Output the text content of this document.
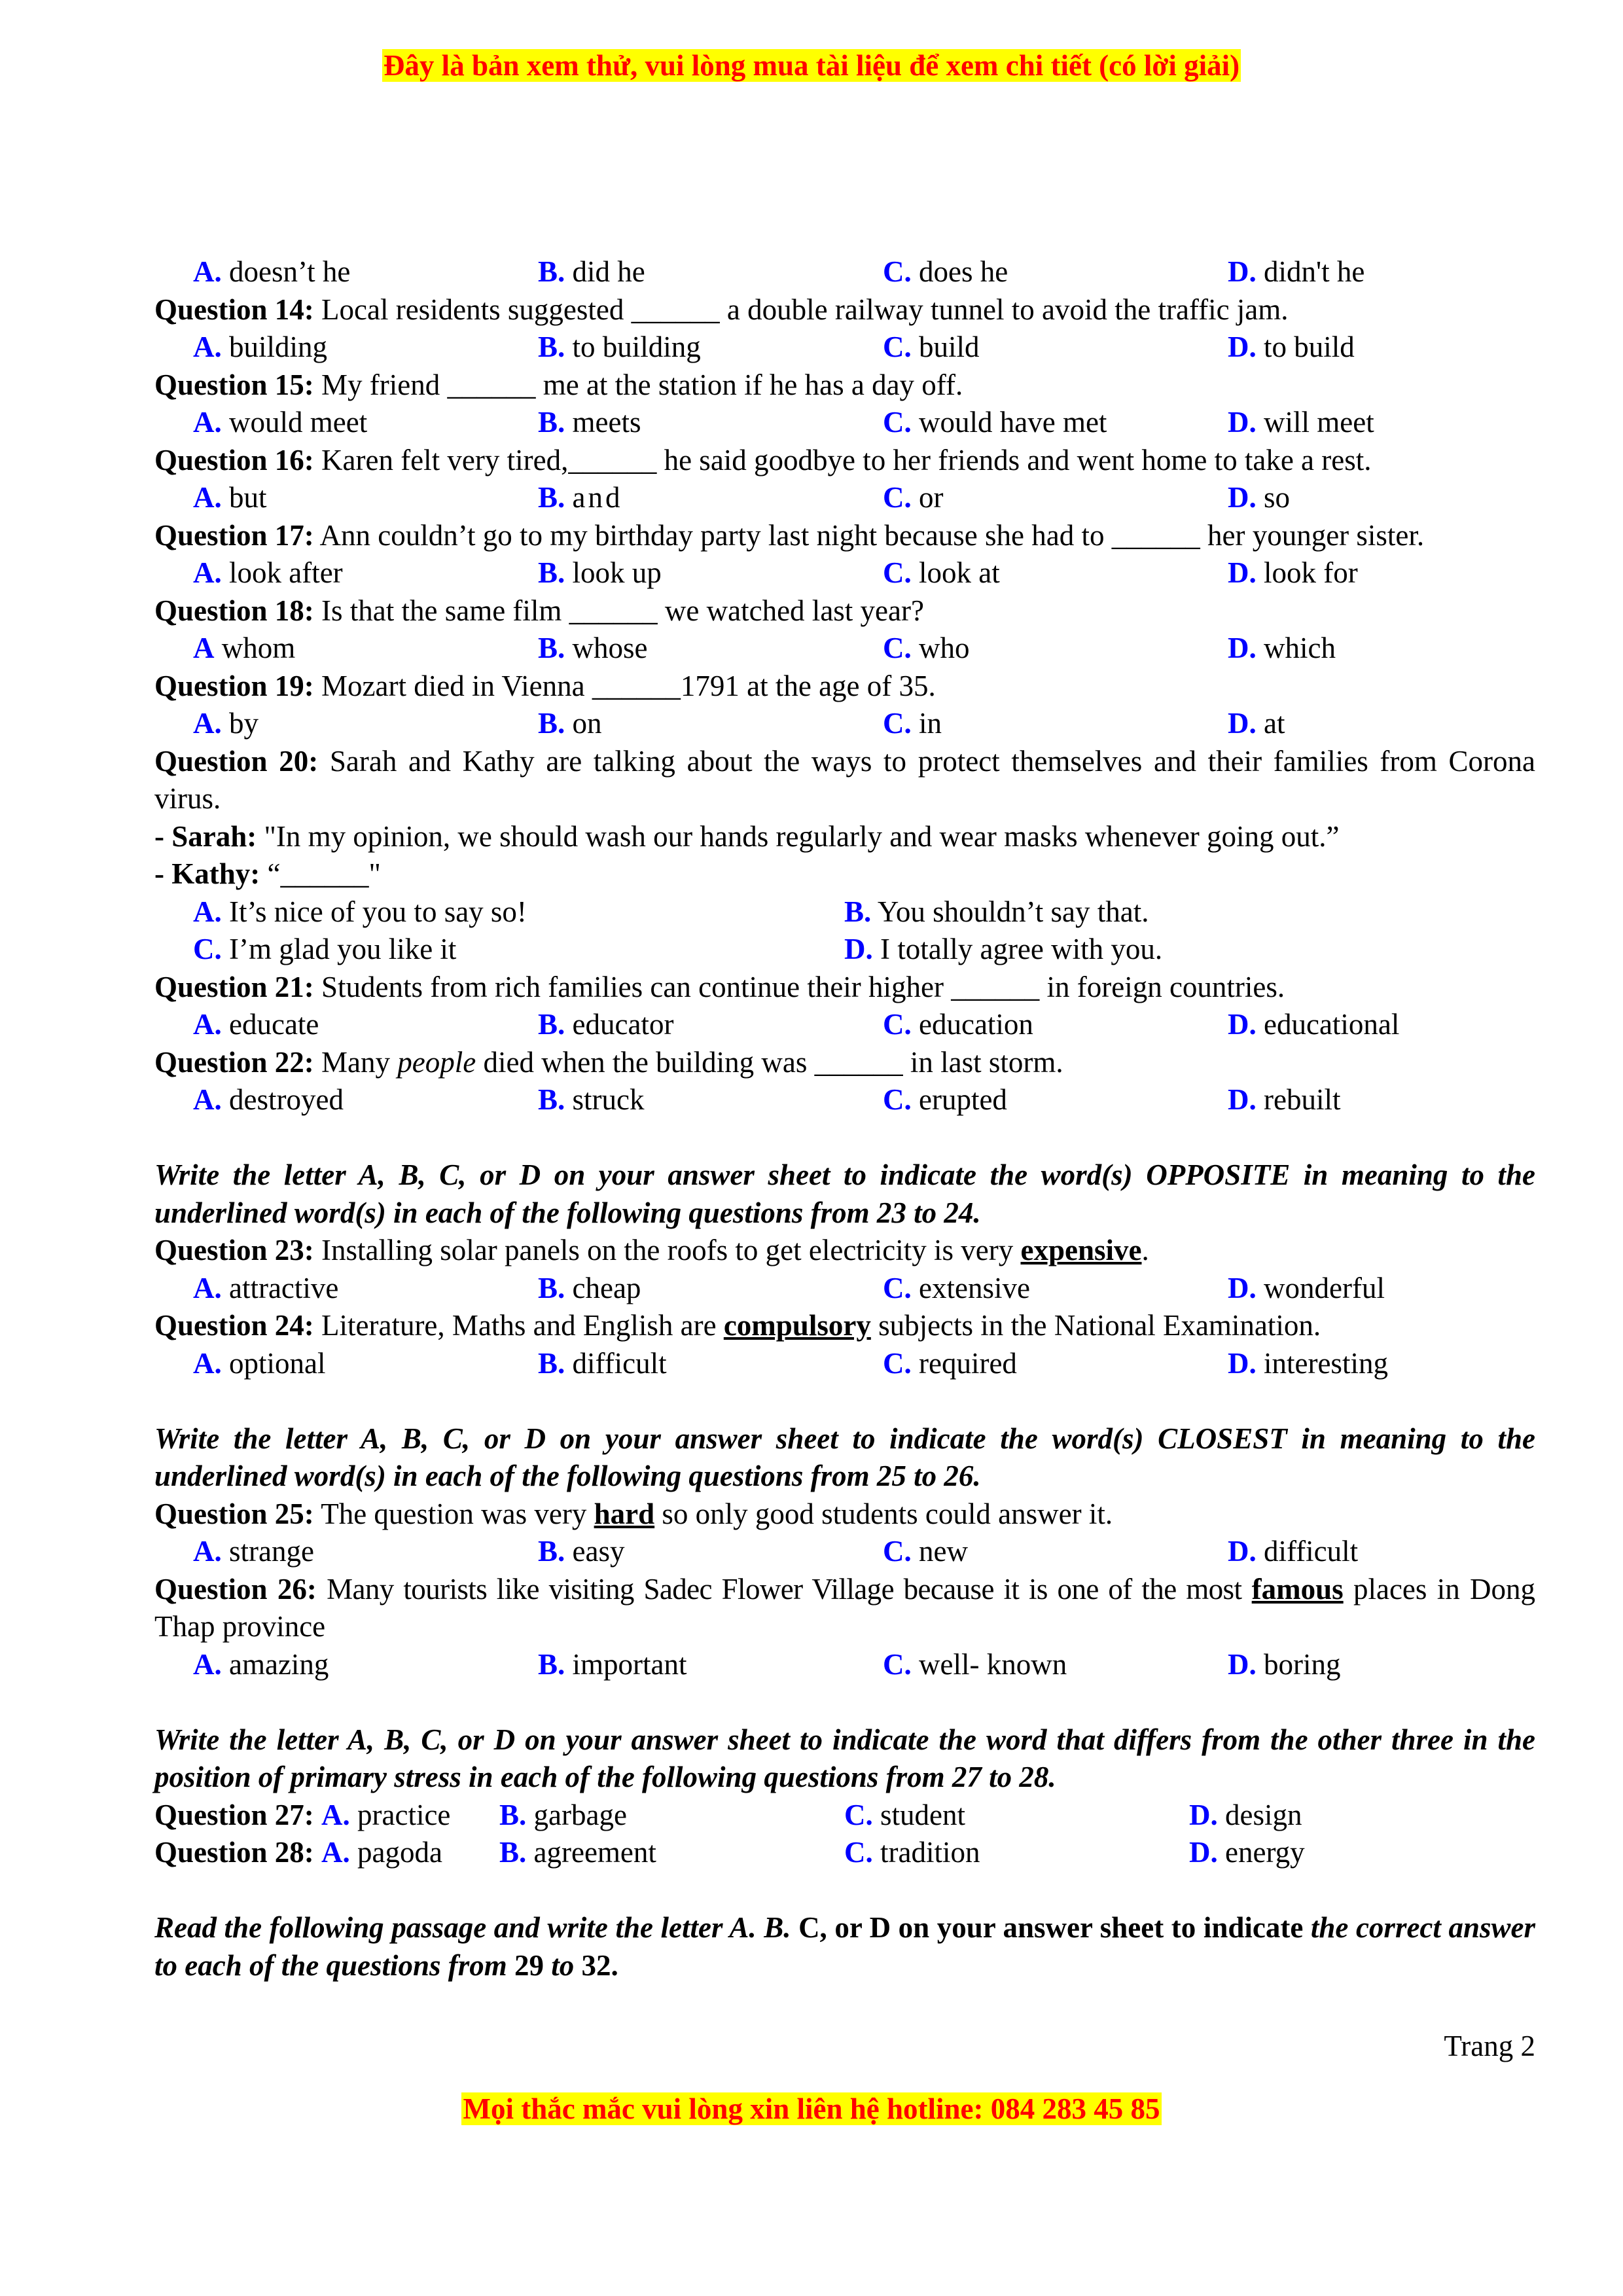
Đây là bản xem thử, vui lòng mua tài liệu để xem chi tiết (có lời giải)
A. doesn’t he	B. did he	C. does he	D. didn't he
Question 14: Local residents suggested ______ a double railway tunnel to avoid the traffic jam.
A. building	B. to building	C. build	D. to build
Question 15: My friend ______ me at the station if he has a day off.
A. would meet	B. meets	C. would have met	D. will meet
Question 16: Karen felt very tired,______ he said goodbye to her friends and went home to take a rest.
A. but	B. and	C. or	D. so
Question 17: Ann couldn’t go to my birthday party last night because she had to ______ her younger sister.
A. look after	B. look up	C. look at	D. look for
Question 18: Is that the same film ______ we watched last year?
A whom	B. whose	C. who	D. which
Question 19: Mozart died in Vienna ______1791 at the age of 35.
A. by	B. on	C. in	D. at
Question 20: Sarah and Kathy are talking about the ways to protect themselves and their families from Corona virus.
- Sarah: "In my opinion, we should wash our hands regularly and wear masks whenever going out.”
- Kathy: “______"
A. It’s nice of you to say so!	B. You shouldn’t say that.
C. I’m glad you like it	D. I totally agree with you.
Question 21: Students from rich families can continue their higher ______ in foreign countries.
A. educate	B. educator	C. education	D. educational
Question 22: Many people died when the building was ______ in last storm.
A. destroyed	B. struck	C. erupted	D. rebuilt
Write the letter A, B, C, or D on your answer sheet to indicate the word(s) OPPOSITE in meaning to the underlined word(s) in each of the following questions from 23 to 24.
Question 23: Installing solar panels on the roofs to get electricity is very expensive.
A. attractive	B. cheap	C. extensive	D. wonderful
Question 24: Literature, Maths and English are compulsory subjects in the National Examination.
A. optional	B. difficult	C. required	D. interesting
Write the letter A, B, C, or D on your answer sheet to indicate the word(s) CLOSEST in meaning to the underlined word(s) in each of the following questions from 25 to 26.
Question 25: The question was very hard so only good students could answer it.
A. strange	B. easy	C. new	D. difficult
Question 26: Many tourists like visiting Sadec Flower Village because it is one of the most famous places in Dong Thap province
A. amazing	B. important	C. well- known	D. boring
Write the letter A, B, C, or D on your answer sheet to indicate the word that differs from the other three in the position of primary stress in each of the following questions from 27 to 28.
Question 27: A. practice	B. garbage	C. student	D. design
Question 28: A. pagoda	B. agreement	C. tradition	D. energy
Read the following passage and write the letter A. B. C, or D on your answer sheet to indicate the correct answer to each of the questions from 29 to 32.
Trang 2
Mọi thắc mắc vui lòng xin liên hệ hotline: 084 283 45 85
